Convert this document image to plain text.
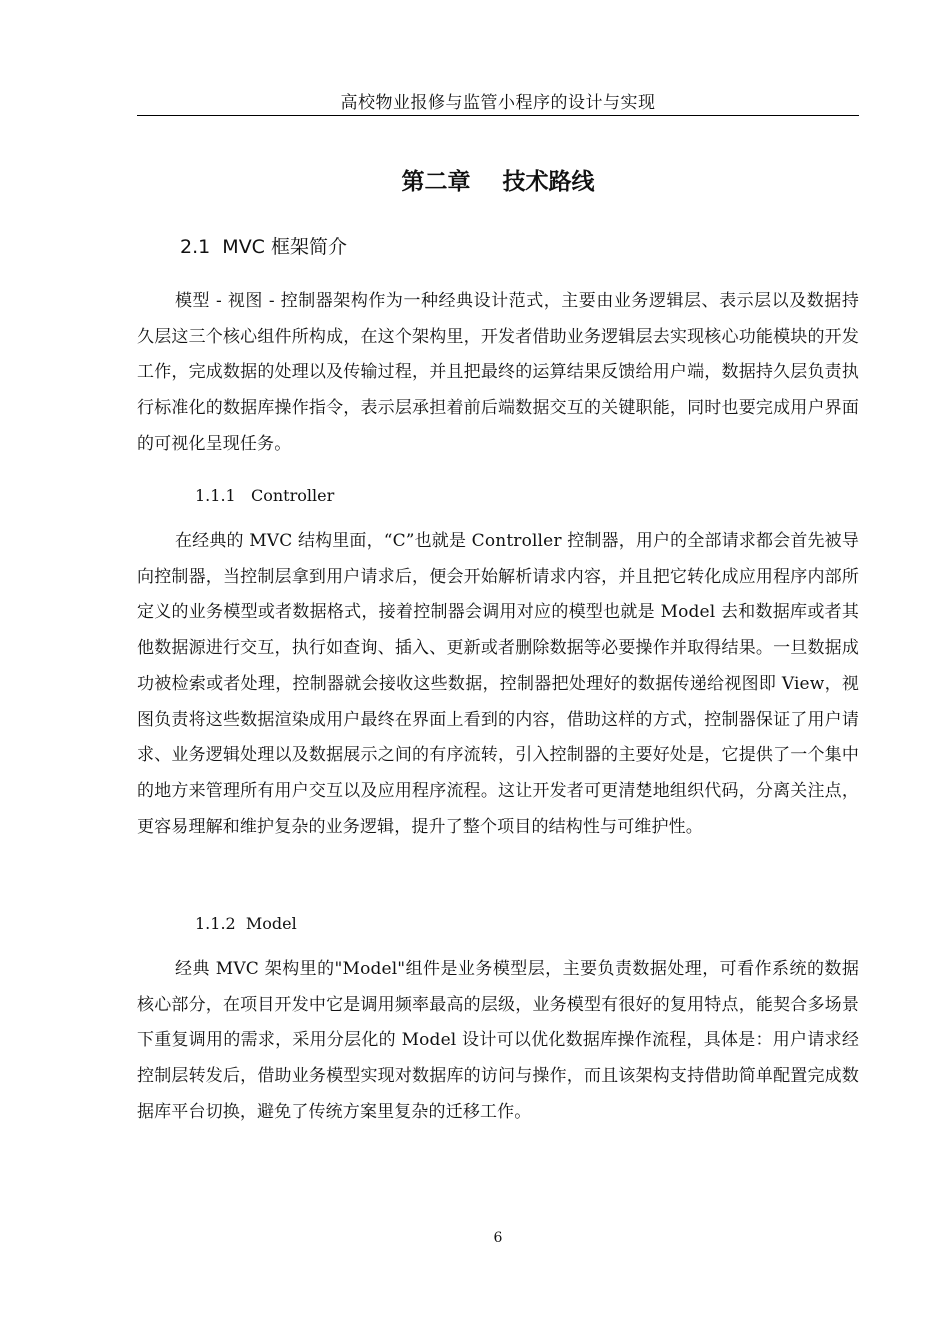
高校物业报修与监管小程序的设计与实现
第二章    技术路线
2.1  MVC 框架简介

模型 - 视图 - 控制器架构作为一种经典设计范式，主要由业务逻辑层、表示层以及数据持久层这三个核心组件所构成，在这个架构里，开发者借助业务逻辑层去实现核心功能模块的开发工作，完成数据的处理以及传输过程，并且把最终的运算结果反馈给用户端，数据持久层负责执行标准化的数据库操作指令，表示层承担着前后端数据交互的关键职能，同时也要完成用户界面的可视化呈现任务。

1.1.1   Controller

在经典的 MVC 结构里面，“C”也就是 Controller 控制器，用户的全部请求都会首先被导向控制器，当控制层拿到用户请求后，便会开始解析请求内容，并且把它转化成应用程序内部所定义的业务模型或者数据格式，接着控制器会调用对应的模型也就是 Model 去和数据库或者其他数据源进行交互，执行如查询、插入、更新或者删除数据等必要操作并取得结果。一旦数据成功被检索或者处理，控制器就会接收这些数据，控制器把处理好的数据传递给视图即 View，视图负责将这些数据渲染成用户最终在界面上看到的内容，借助这样的方式，控制器保证了用户请求、业务逻辑处理以及数据展示之间的有序流转，引入控制器的主要好处是，它提供了一个集中的地方来管理所有用户交互以及应用程序流程。这让开发者可更清楚地组织代码，分离关注点，更容易理解和维护复杂的业务逻辑，提升了整个项目的结构性与可维护性。

1.1.2  Model

经典 MVC 架构里的"Model"组件是业务模型层，主要负责数据处理，可看作系统的数据核心部分，在项目开发中它是调用频率最高的层级，业务模型有很好的复用特点，能契合多场景下重复调用的需求，采用分层化的 Model 设计可以优化数据库操作流程，具体是：用户请求经控制层转发后，借助业务模型实现对数据库的访问与操作，而且该架构支持借助简单配置完成数据库平台切换，避免了传统方案里复杂的迁移工作。

6
